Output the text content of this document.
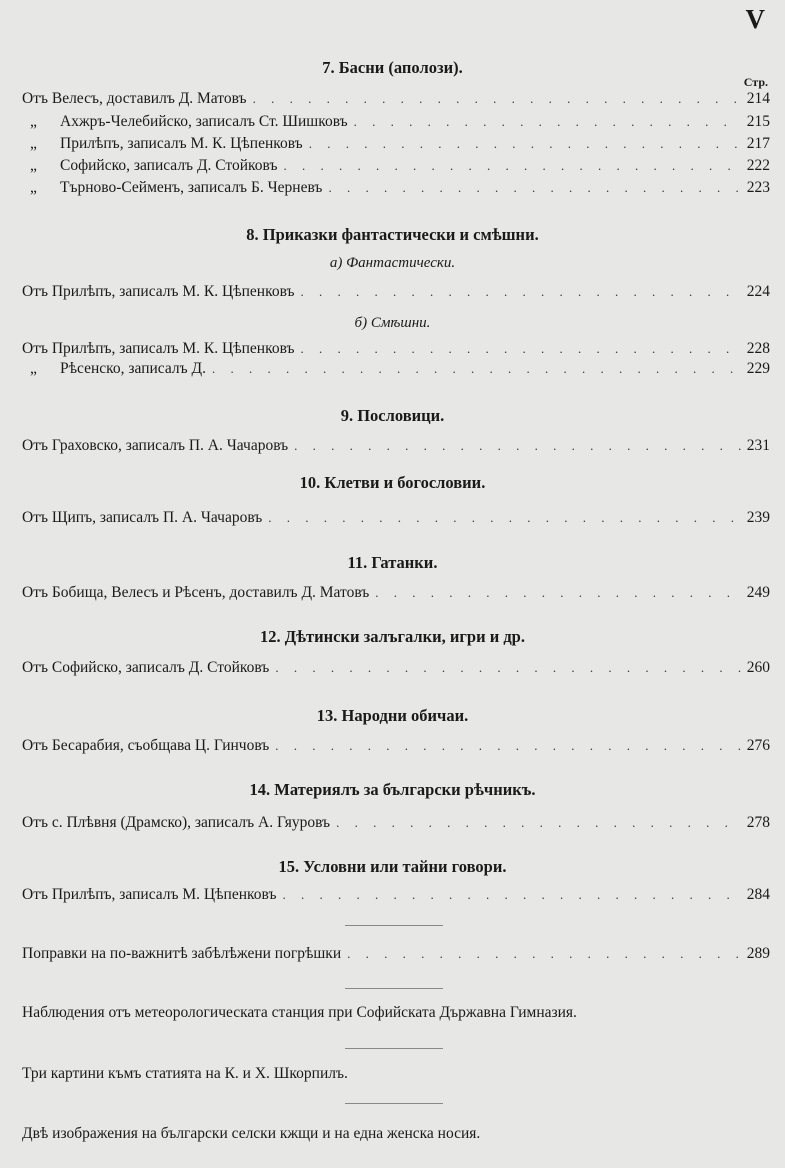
V
7. Басни (аполози).
Стр.
Отъ Велесъ, доставилъ Д. Матовъ . . .	214
„	Ахжръ-Челебийско, записалъ Ст. Шишковъ . . .	215
„	Прилѣпъ, записалъ М. К. Цѣпенковъ . . .	217
„	Софийско, записалъ Д. Стойковъ . . .	222
„	Търново-Сейменъ, записалъ Б. Черневъ . . .	223
8. Приказки фантастически и смѣшни.
а) Фантастически.
Отъ Прилѣпъ, записалъ М. К. Цѣпенковъ . . .	224
б) Смѣшни.
Отъ Прилѣпъ, записалъ М. К. Цѣпенковъ . . .	228
„	Рѣсенско, записалъ Д. . . .	229
9. Пословици.
Отъ Граховско, записалъ П. А. Чачаровъ . . .	231
10. Клетви и богословии.
Отъ Щипъ, записалъ П. А. Чачаровъ . . .	239
11. Гатанки.
Отъ Бобища, Велесъ и Рѣсенъ, доставилъ Д. Матовъ . . .	249
12. Дѣтински залъгалки, игри и др.
Отъ Софийско, записалъ Д. Стойковъ . . .	260
13. Народни обичаи.
Отъ Бесарабия, съобщава Ц. Гинчовъ . . .	276
14. Материялъ за български рѣчникъ.
Отъ с. Плѣвня (Драмско), записалъ А. Гяуровъ . . .	278
15. Условни или тайни говори.
Отъ Прилѣпъ, записалъ М. Цѣпенковъ . . .	284
Поправки на по-важнитѣ забѣлѣжени погрѣшки . . .	289
Наблюдения отъ метеорологическата станция при Софийската Държавна Гимназия.
Три картини къмъ статията на К. и Х. Шкорпилъ.
Двѣ изображения на български селски кжщи и на една женска носия.
